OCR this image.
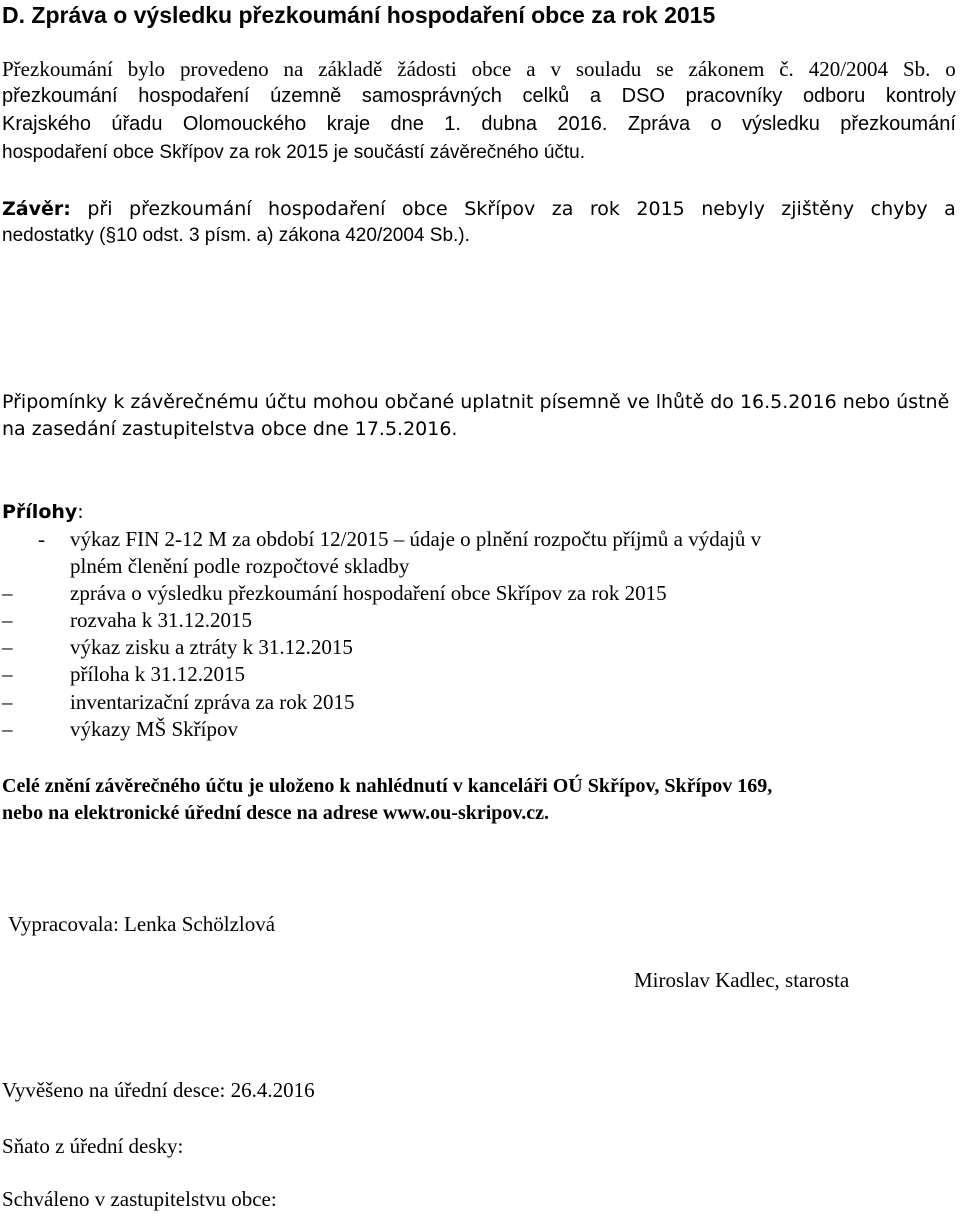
D. Zpráva o výsledku přezkoumání hospodaření obce za rok 2015
Přezkoumání bylo provedeno na základě žádosti obce a v souladu se zákonem č. 420/2004 Sb. o
přezkoumání hospodaření územně samosprávných celků a DSO pracovníky odboru kontroly
Krajského úřadu Olomouckého kraje dne 1. dubna 2016. Zpráva o výsledku přezkoumání
hospodaření obce Skřípov za rok 2015 je součástí závěrečného účtu.
Závěr: při přezkoumání hospodaření obce Skřípov za rok 2015 nebyly zjištěny chyby a
nedostatky (§10 odst. 3 písm. a) zákona 420/2004 Sb.).
Připomínky k závěrečnému účtu mohou občané uplatnit písemně ve lhůtě do 16.5.2016 nebo ústně
na zasedání zastupitelstva obce dne 17.5.2016.
Přílohy:
- výkaz FIN 2-12 M za období 12/2015 – údaje o plnění rozpočtu příjmů a výdajů v
plném členění podle rozpočtové skladby
–	zpráva o výsledku přezkoumání hospodaření obce Skřípov za rok 2015
–	rozvaha k 31.12.2015
–	výkaz zisku a ztráty k 31.12.2015
–	příloha k 31.12.2015
–	inventarizační zpráva za rok 2015
–	výkazy MŠ Skřípov
Celé znění závěrečného účtu je uloženo k nahlédnutí v kanceláři OÚ Skřípov, Skřípov 169,
nebo na elektronické úřední desce na adrese www.ou-skripov.cz.
Vypracovala: Lenka Schölzlová
Miroslav Kadlec, starosta
Vyvěšeno na úřední desce: 26.4.2016
Sňato z úřední desky:
Schváleno v zastupitelstvu obce:
